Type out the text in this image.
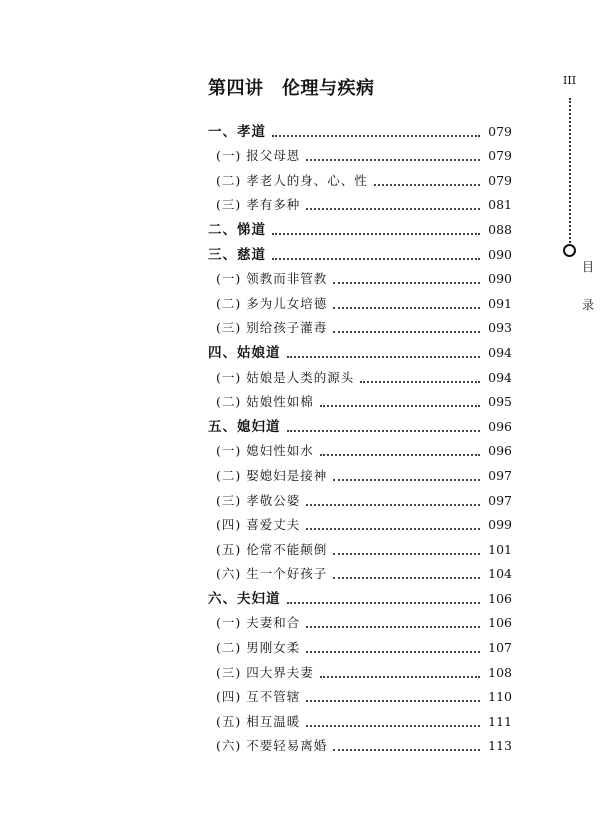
第四讲　伦理与疾病
一、孝道	079
(一) 报父母恩	079
(二) 孝老人的身、心、性	079
(三) 孝有多种	081
二、悌道	088
三、慈道	090
(一) 领教而非管教	090
(二) 多为儿女培德	091
(三) 别给孩子灌毒	093
四、姑娘道	094
(一) 姑娘是人类的源头	094
(二) 姑娘性如棉	095
五、媳妇道	096
(一) 媳妇性如水	096
(二) 娶媳妇是接神	097
(三) 孝敬公婆	097
(四) 喜爱丈夫	099
(五) 伦常不能颠倒	101
(六) 生一个好孩子	104
六、夫妇道	106
(一) 夫妻和合	106
(二) 男刚女柔	107
(三) 四大界夫妻	108
(四) 互不管辖	110
(五) 相互温暖	111
(六) 不要轻易离婚	113
III
目
录
